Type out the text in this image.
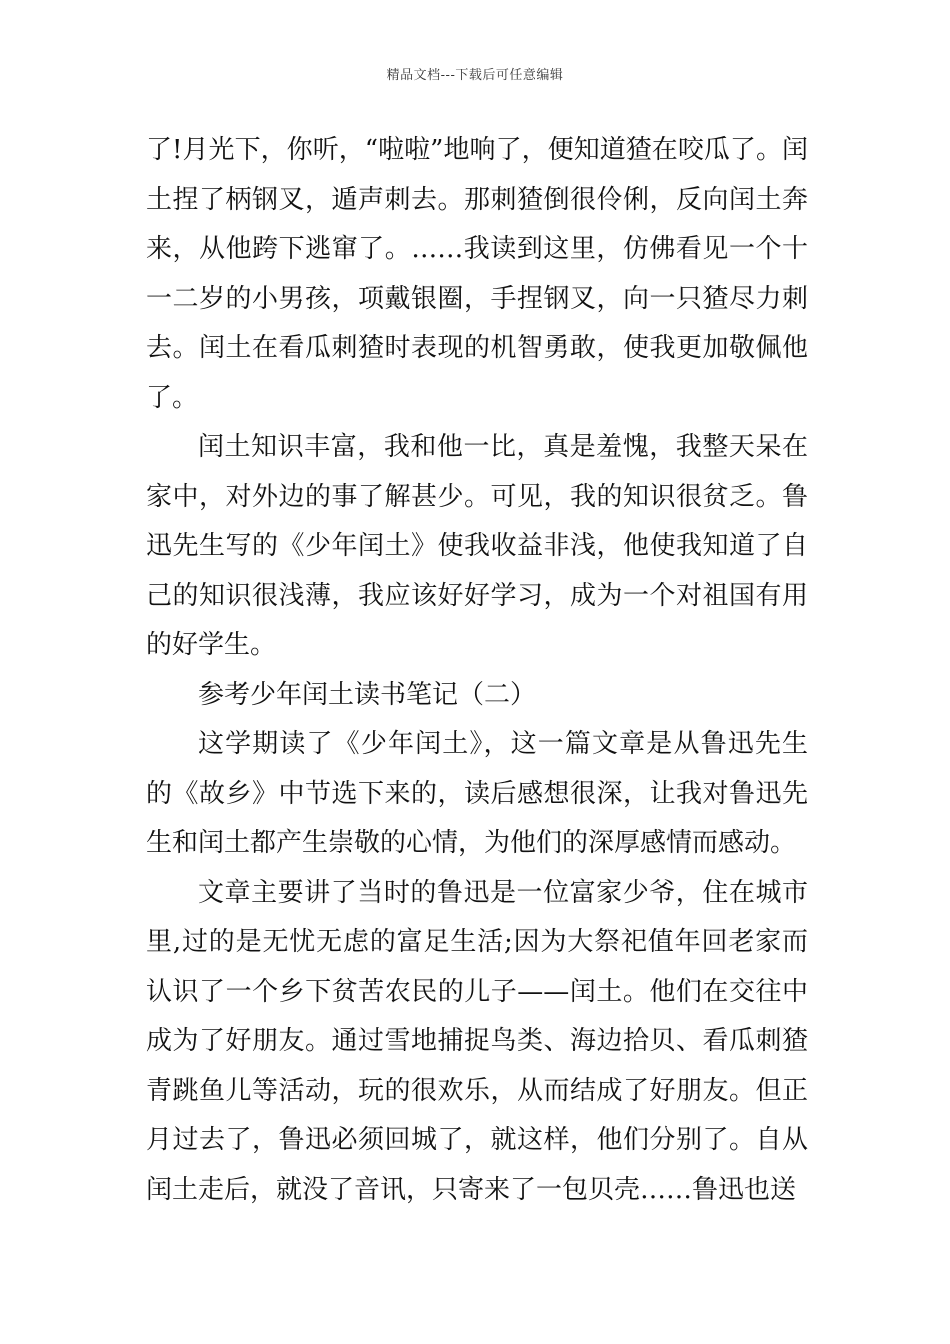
精品文档---下载后可任意编辑

了!月光下，你听，“啦啦”地响了，便知道猹在咬瓜了。闰土捏了柄钢叉，遁声刺去。那刺猹倒很伶俐，反向闰土奔来，从他跨下逃窜了。……我读到这里，仿佛看见一个十一二岁的小男孩，项戴银圈，手捏钢叉，向一只猹尽力刺去。闰土在看瓜刺猹时表现的机智勇敢，使我更加敬佩他了。

闰土知识丰富，我和他一比，真是羞愧，我整天呆在家中，对外边的事了解甚少。可见，我的知识很贫乏。鲁迅先生写的《少年闰土》使我收益非浅，他使我知道了自己的知识很浅薄，我应该好好学习，成为一个对祖国有用的好学生。

参考少年闰土读书笔记（二）

这学期读了《少年闰土》，这一篇文章是从鲁迅先生的《故乡》中节选下来的，读后感想很深，让我对鲁迅先生和闰土都产生崇敬的心情，为他们的深厚感情而感动。

文章主要讲了当时的鲁迅是一位富家少爷，住在城市里,过的是无忧无虑的富足生活;因为大祭祀值年回老家而认识了一个乡下贫苦农民的儿子——闰土。他们在交往中成为了好朋友。通过雪地捕捉鸟类、海边拾贝、看瓜刺猹青跳鱼儿等活动，玩的很欢乐，从而结成了好朋友。但正月过去了，鲁迅必须回城了，就这样，他们分别了。自从闰土走后，就没了音讯，只寄来了一包贝壳……鲁迅也送
